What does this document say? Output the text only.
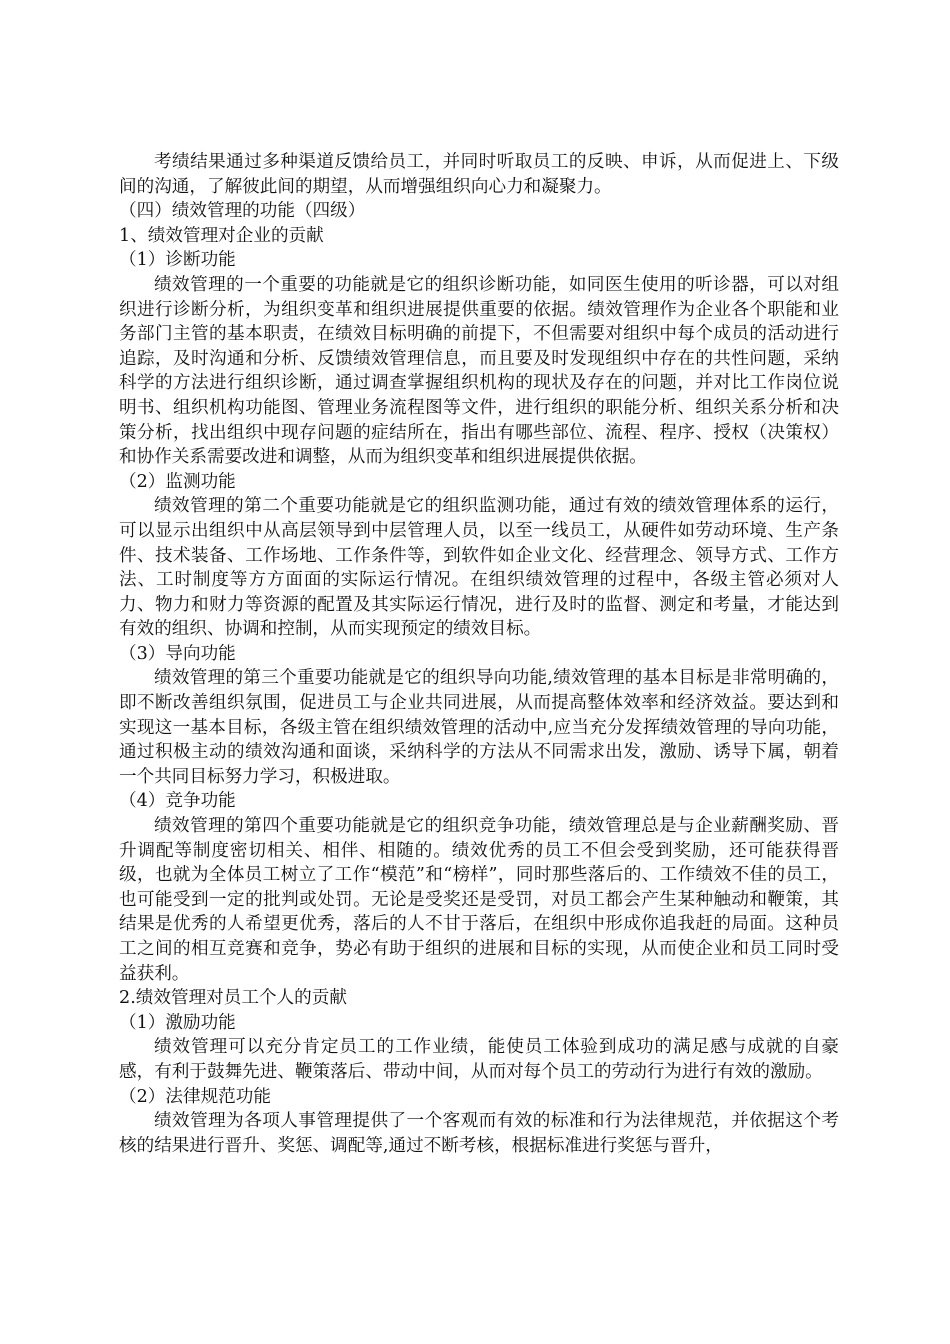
考绩结果通过多种渠道反馈给员工，并同时听取员工的反映、申诉，从而促进上、下级间的沟通，了解彼此间的期望，从而增强组织向心力和凝聚力。

（四）绩效管理的功能（四级）

1、绩效管理对企业的贡献

（1）诊断功能

绩效管理的一个重要的功能就是它的组织诊断功能，如同医生使用的听诊器，可以对组织进行诊断分析，为组织变革和组织进展提供重要的依据。绩效管理作为企业各个职能和业务部门主管的基本职责，在绩效目标明确的前提下，不但需要对组织中每个成员的活动进行追踪，及时沟通和分析、反馈绩效管理信息，而且要及时发现组织中存在的共性问题，采纳科学的方法进行组织诊断，通过调查掌握组织机构的现状及存在的问题，并对比工作岗位说明书、组织机构功能图、管理业务流程图等文件，进行组织的职能分析、组织关系分析和决策分析，找出组织中现存问题的症结所在，指出有哪些部位、流程、程序、授权（决策权）和协作关系需要改进和调整，从而为组织变革和组织进展提供依据。

（2）监测功能

绩效管理的第二个重要功能就是它的组织监测功能，通过有效的绩效管理体系的运行，可以显示出组织中从高层领导到中层管理人员，以至一线员工，从硬件如劳动环境、生产条件、技术装备、工作场地、工作条件等，到软件如企业文化、经营理念、领导方式、工作方法、工时制度等方方面面的实际运行情况。在组织绩效管理的过程中，各级主管必须对人力、物力和财力等资源的配置及其实际运行情况，进行及时的监督、测定和考量，才能达到有效的组织、协调和控制，从而实现预定的绩效目标。

（3）导向功能

绩效管理的第三个重要功能就是它的组织导向功能,绩效管理的基本目标是非常明确的，即不断改善组织氛围，促进员工与企业共同进展，从而提高整体效率和经济效益。要达到和实现这一基本目标，各级主管在组织绩效管理的活动中,应当充分发挥绩效管理的导向功能，通过积极主动的绩效沟通和面谈，采纳科学的方法从不同需求出发，激励、诱导下属，朝着一个共同目标努力学习，积极进取。

（4）竞争功能

绩效管理的第四个重要功能就是它的组织竞争功能，绩效管理总是与企业薪酬奖励、晋升调配等制度密切相关、相伴、相随的。绩效优秀的员工不但会受到奖励，还可能获得晋级，也就为全体员工树立了工作“模范”和“榜样”，同时那些落后的、工作绩效不佳的员工，也可能受到一定的批判或处罚。无论是受奖还是受罚，对员工都会产生某种触动和鞭策，其结果是优秀的人希望更优秀，落后的人不甘于落后，在组织中形成你追我赶的局面。这种员工之间的相互竞赛和竞争，势必有助于组织的进展和目标的实现，从而使企业和员工同时受益获利。

2.绩效管理对员工个人的贡献

（1）激励功能

绩效管理可以充分肯定员工的工作业绩，能使员工体验到成功的满足感与成就的自豪感，有利于鼓舞先进、鞭策落后、带动中间，从而对每个员工的劳动行为进行有效的激励。

（2）法律规范功能

绩效管理为各项人事管理提供了一个客观而有效的标准和行为法律规范，并依据这个考核的结果进行晋升、奖惩、调配等,通过不断考核，根据标准进行奖惩与晋升，
